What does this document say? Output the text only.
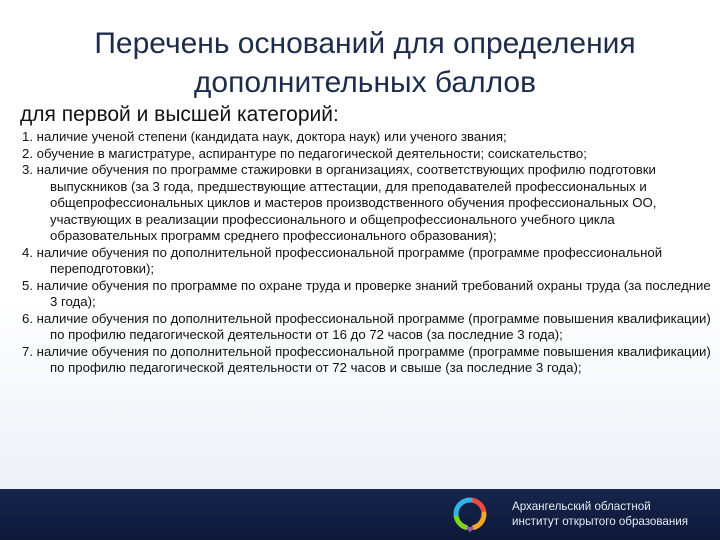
Перечень оснований для определения
дополнительных баллов
для первой и высшей категорий:
1. наличие ученой степени (кандидата наук, доктора наук) или ученого звания;
2. обучение в магистратуре, аспирантуре по педагогической деятельности; соискательство;
3. наличие обучения по программе стажировки в организациях, соответствующих профилю подготовки выпускников (за 3 года, предшествующие аттестации, для преподавателей профессиональных и общепрофессиональных циклов и мастеров производственного обучения профессиональных ОО, участвующих в реализации профессионального и общепрофессионального учебного цикла образовательных программ среднего профессионального образования);
4. наличие обучения по дополнительной профессиональной программе (программе профессиональной переподготовки);
5. наличие обучения по программе по охране труда и проверке знаний требований охраны труда (за последние 3 года);
6. наличие обучения по дополнительной профессиональной программе (программе повышения квалификации) по профилю педагогической деятельности от 16 до 72 часов (за последние 3 года);
7. наличие обучения по дополнительной профессиональной программе (программе повышения квалификации) по профилю педагогической деятельности от 72 часов и свыше (за последние 3 года);
Архангельский областной
институт открытого образования
